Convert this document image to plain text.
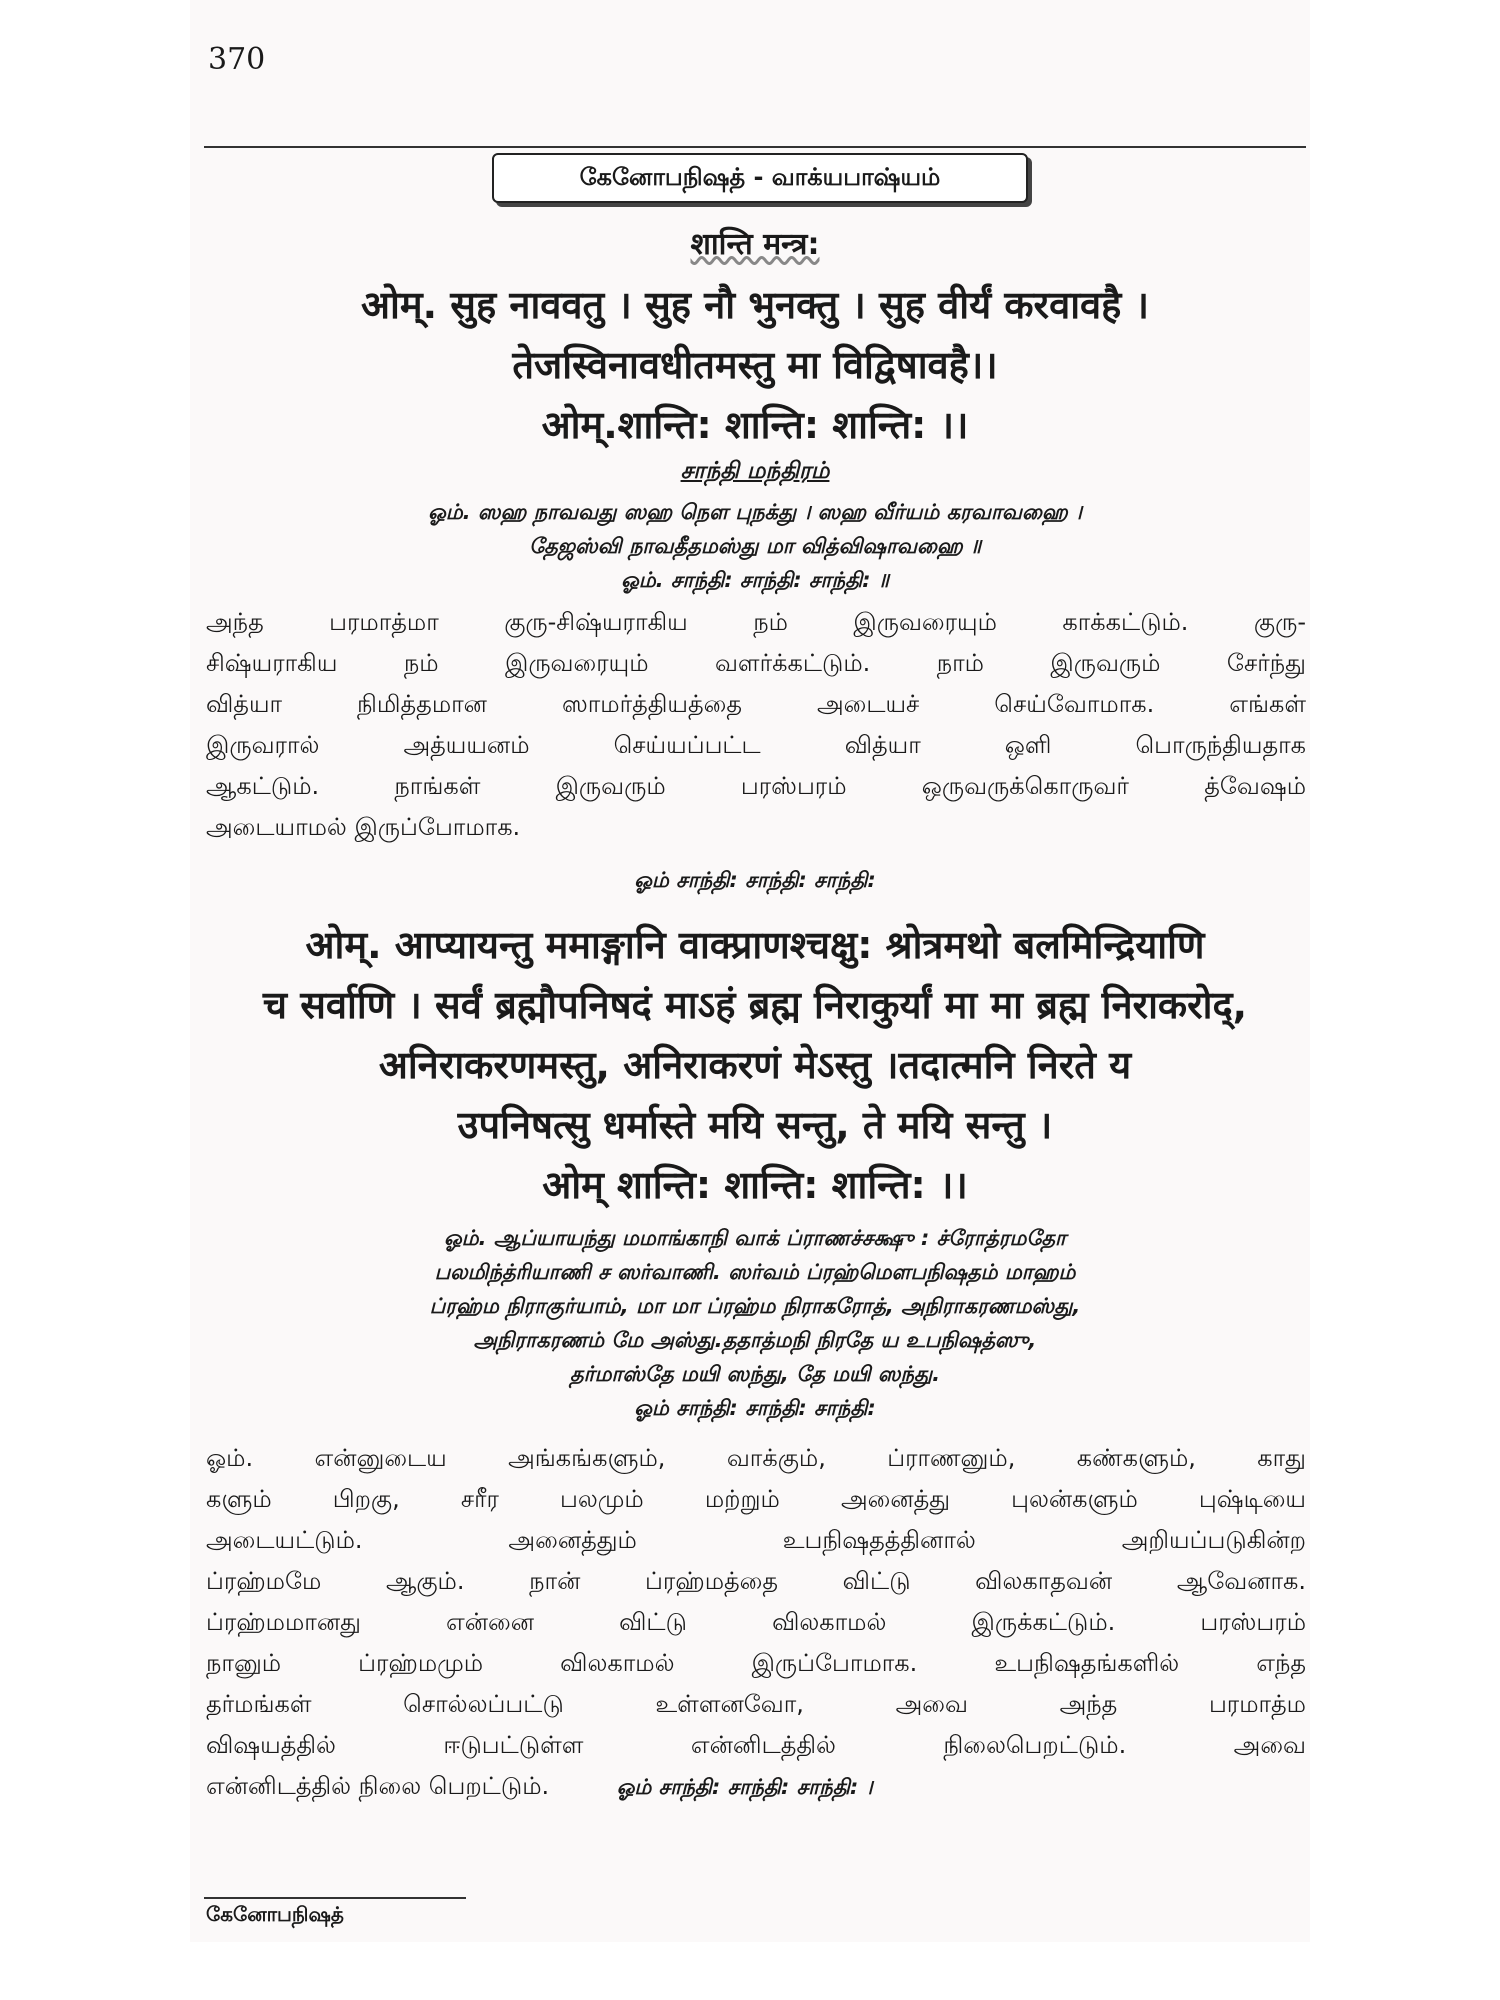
370
கேனோபநிஷத் - வாக்யபாஷ்யம்
शान्ति मन्त्र:
ओम्. सुह नाववतु । सुह नौ भुनक्तु । सुह वीर्यं करवावहै ।
तेजस्विनावधीतमस्तु मा विद्विषावहै।।
ओम्.शान्ति: शान्ति: शान्ति: ।।
சாந்தி மந்திரம்
ஓம். ஸஹ நாவவது ஸஹ நௌ புநக்து । ஸஹ வீர்யம் கரவாவஹை ।
தேஜஸ்வி நாவதீதமஸ்து மா வித்விஷாவஹை ॥
ஓம். சாந்தி: சாந்தி: சாந்தி: ॥
அந்த பரமாத்மா குரு-சிஷ்யராகிய நம் இருவரையும் காக்கட்டும். குரு-
சிஷ்யராகிய நம் இருவரையும் வளர்க்கட்டும். நாம் இருவரும் சேர்ந்து
வித்யா நிமித்தமான ஸாமர்த்தியத்தை அடையச் செய்வோமாக. எங்கள்
இருவரால் அத்யயனம் செய்யப்பட்ட வித்யா ஒளி பொருந்தியதாக
ஆகட்டும். நாங்கள் இருவரும் பரஸ்பரம் ஒருவருக்கொருவர் த்வேஷம்
அடையாமல் இருப்போமாக.
ஓம் சாந்தி: சாந்தி: சாந்தி:
ओम्. आप्यायन्तु ममाङ्गानि वाक्प्राणश्चक्षु: श्रोत्रमथो बलमिन्द्रियाणि
च सर्वाणि । सर्वं ब्रह्मौपनिषदं माऽहं ब्रह्म निराकुर्यां मा मा ब्रह्म निराकरोद्,
अनिराकरणमस्तु, अनिराकरणं मेऽस्तु ।तदात्मनि निरते य
उपनिषत्सु धर्मास्ते मयि सन्तु, ते मयि सन्तु ।
ओम् शान्ति: शान्ति: शान्ति: ।।
ஓம். ஆப்யாயந்து மமாங்காநி வாக் ப்ராணச்சக்ஷு : ச்ரோத்ரமதோ
பலமிந்த்ரியாணி ச ஸர்வாணி. ஸர்வம் ப்ரஹ்மௌபநிஷதம் மாஹம்
ப்ரஹ்ம நிராகுர்யாம், மா மா ப்ரஹ்ம நிராகரோத், அநிராகரணமஸ்து,
அநிராகரணம் மே அஸ்து.ததாத்மநி நிரதே ய உபநிஷத்ஸு,
தர்மாஸ்தே மயி ஸந்து, தே மயி ஸந்து.
ஓம் சாந்தி: சாந்தி: சாந்தி:
ஓம். என்னுடைய அங்கங்களும், வாக்கும், ப்ராணனும், கண்களும், காது
களும் பிறகு, சரீர பலமும் மற்றும் அனைத்து புலன்களும் புஷ்டியை
அடையட்டும். அனைத்தும் உபநிஷதத்தினால் அறியப்படுகின்ற
ப்ரஹ்மமே ஆகும். நான் ப்ரஹ்மத்தை விட்டு விலகாதவன் ஆவேனாக.
ப்ரஹ்மமானது என்னை விட்டு விலகாமல் இருக்கட்டும். பரஸ்பரம்
நானும் ப்ரஹ்மமும் விலகாமல் இருப்போமாக. உபநிஷதங்களில் எந்த
தர்மங்கள் சொல்லப்பட்டு உள்ளனவோ, அவை அந்த பரமாத்ம
விஷயத்தில் ஈடுபட்டுள்ள என்னிடத்தில் நிலைபெறட்டும். அவை
என்னிடத்தில் நிலை பெறட்டும்.	ஓம் சாந்தி: சாந்தி: சாந்தி: ।
கேனோபநிஷத்
